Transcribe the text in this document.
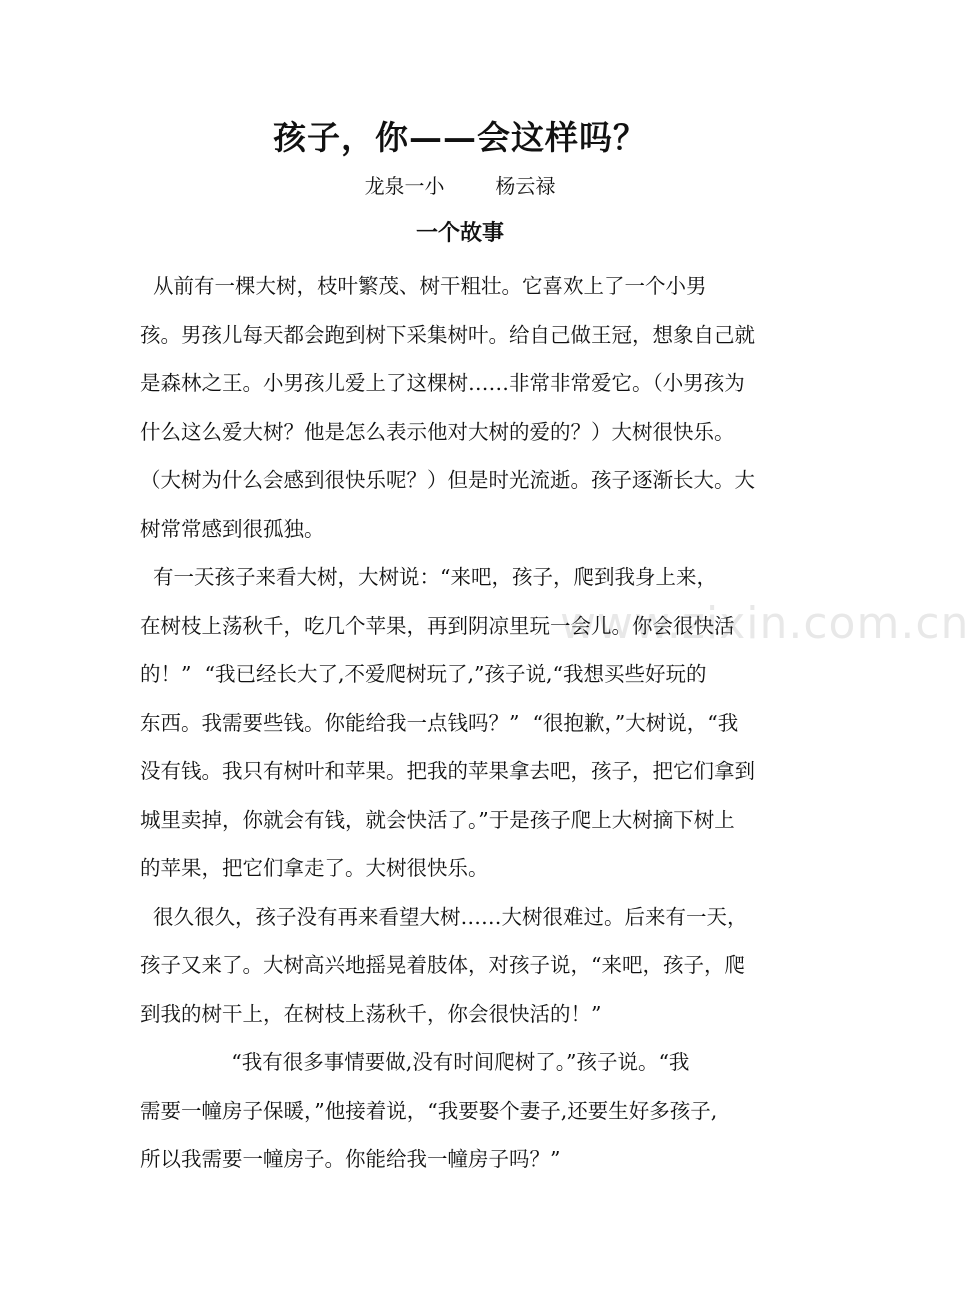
孩子，你——会这样吗？
龙泉一小        杨云禄
一个故事
www.zixin.com.cn
从前有一棵大树，枝叶繁茂、树干粗壮。它喜欢上了一个小男
孩。男孩儿每天都会跑到树下采集树叶。给自己做王冠，想象自己就
是森林之王。小男孩儿爱上了这棵树……非常非常爱它。（小男孩为
什么这么爱大树？他是怎么表示他对大树的爱的？）大树很快乐。
（大树为什么会感到很快乐呢？）但是时光流逝。孩子逐渐长大。大
树常常感到很孤独。
有一天孩子来看大树，大树说：“来吧，孩子，爬到我身上来，
在树枝上荡秋千，吃几个苹果，再到阴凉里玩一会儿。你会很快活
的！”  “我已经长大了,不爱爬树玩了,”孩子说,“我想买些好玩的
东西。我需要些钱。你能给我一点钱吗？”  “很抱歉，”大树说，“我
没有钱。我只有树叶和苹果。把我的苹果拿去吧，孩子，把它们拿到
城里卖掉，你就会有钱，就会快活了。”于是孩子爬上大树摘下树上
的苹果，把它们拿走了。大树很快乐。
很久很久，孩子没有再来看望大树……大树很难过。后来有一天，
孩子又来了。大树高兴地摇晃着肢体，对孩子说，“来吧，孩子，爬
到我的树干上，在树枝上荡秋千，你会很快活的！”
“我有很多事情要做,没有时间爬树了。”孩子说。“我
需要一幢房子保暖，”他接着说，“我要娶个妻子,还要生好多孩子,
所以我需要一幢房子。你能给我一幢房子吗？”
